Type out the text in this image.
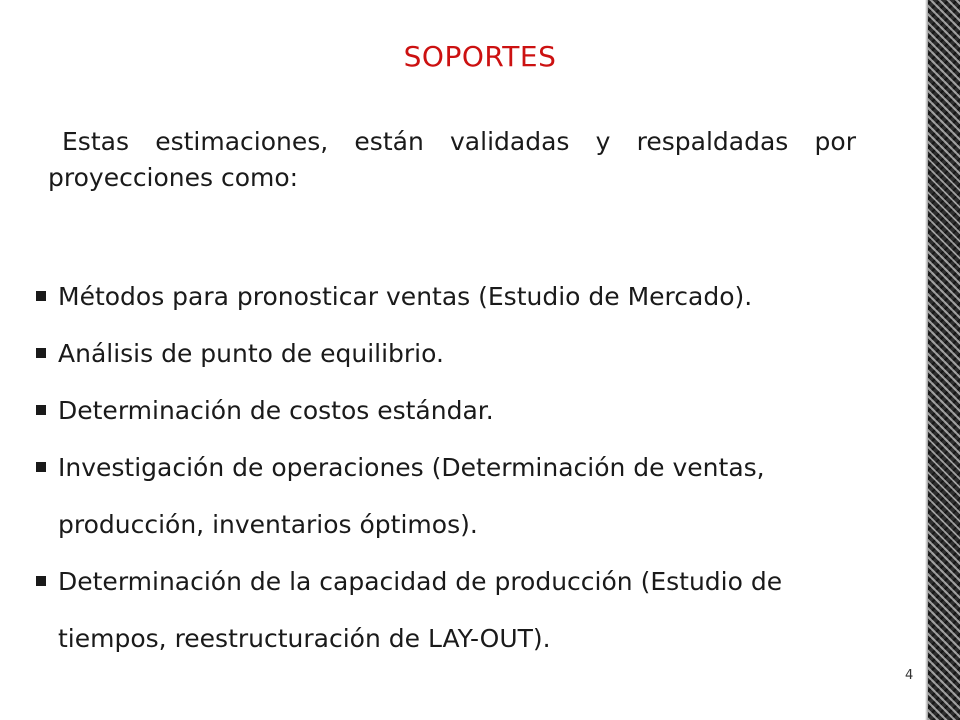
SOPORTES
Estas estimaciones, están validadas y respaldadas por proyecciones como:
Métodos para pronosticar ventas (Estudio de Mercado).
Análisis de punto de equilibrio.
Determinación de costos estándar.
Investigación de operaciones (Determinación de ventas, producción, inventarios óptimos).
Determinación de la capacidad de producción (Estudio de tiempos, reestructuración de LAY-OUT).
4
